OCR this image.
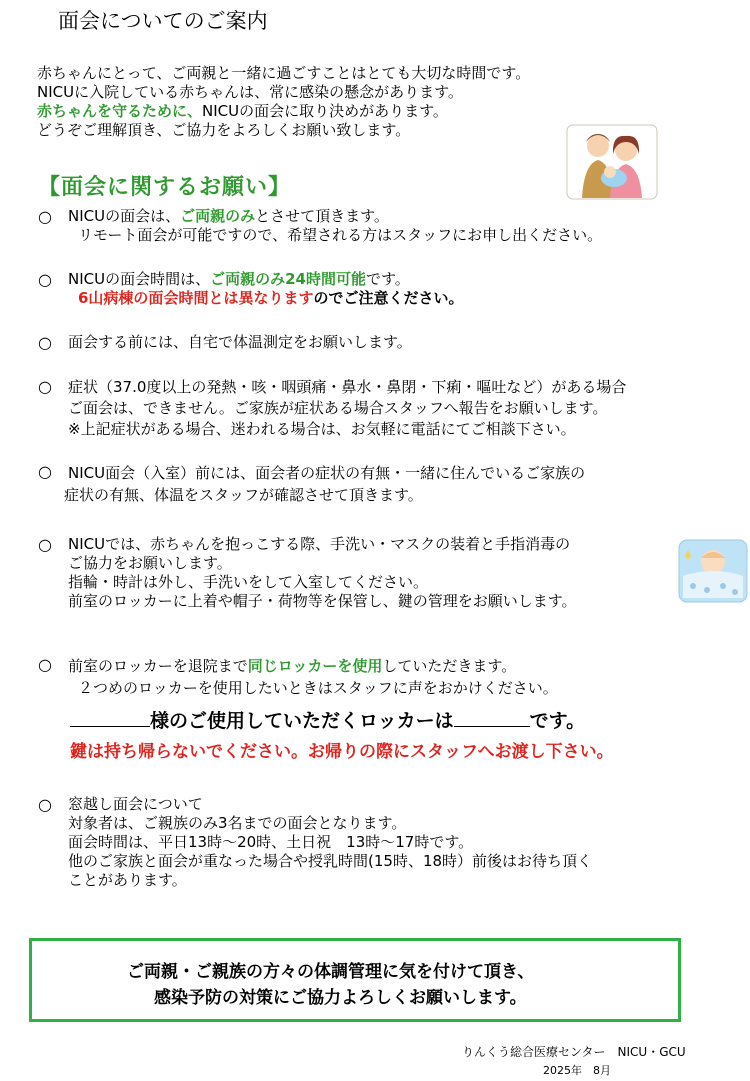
面会についてのご案内
赤ちゃんにとって、ご両親と一緒に過ごすことはとても大切な時間です。
NICUに入院している赤ちゃんは、常に感染の懸念があります。
赤ちゃんを守るために、NICUの面会に取り決めがあります。
どうぞご理解頂き、ご協力をよろしくお願い致します。
【面会に関するお願い】
○ NICUの面会は、ご両親のみとさせて頂きます。
リモート面会が可能ですので、希望される方はスタッフにお申し出ください。
○ NICUの面会時間は、ご両親のみ24時間可能です。
6山病棟の面会時間とは異なりますのでご注意ください。
○ 面会する前には、自宅で体温測定をお願いします。
○ 症状（37.0度以上の発熱・咳・咽頭痛・鼻水・鼻閉・下痢・嘔吐など）がある場合
ご面会は、できません。ご家族が症状ある場合スタッフへ報告をお願いします。
※上記症状がある場合、迷われる場合は、お気軽に電話にてご相談下さい。
○ NICU面会（入室）前には、面会者の症状の有無・一緒に住んでいるご家族の
症状の有無、体温をスタッフが確認させて頂きます。
○ NICUでは、赤ちゃんを抱っこする際、手洗い・マスクの装着と手指消毒の
ご協力をお願いします。
指輪・時計は外し、手洗いをして入室してください。
前室のロッカーに上着や帽子・荷物等を保管し、鍵の管理をお願いします。
○ 前室のロッカーを退院まで同じロッカーを使用していただきます。
２つめのロッカーを使用したいときはスタッフに声をおかけください。
様のご使用していただくロッカーは	です。
鍵は持ち帰らないでください。お帰りの際にスタッフへお渡し下さい。
○ 窓越し面会について
対象者は、ご親族のみ3名までの面会となります。
面会時間は、平日13時～20時、土日祝　13時～17時です。
他のご家族と面会が重なった場合や授乳時間(15時、18時）前後はお待ち頂く
ことがあります。
ご両親・ご親族の方々の体調管理に気を付けて頂き、
感染予防の対策にご協力よろしくお願いします。
りんくう総合医療センター　NICU・GCU
2025年　8月
